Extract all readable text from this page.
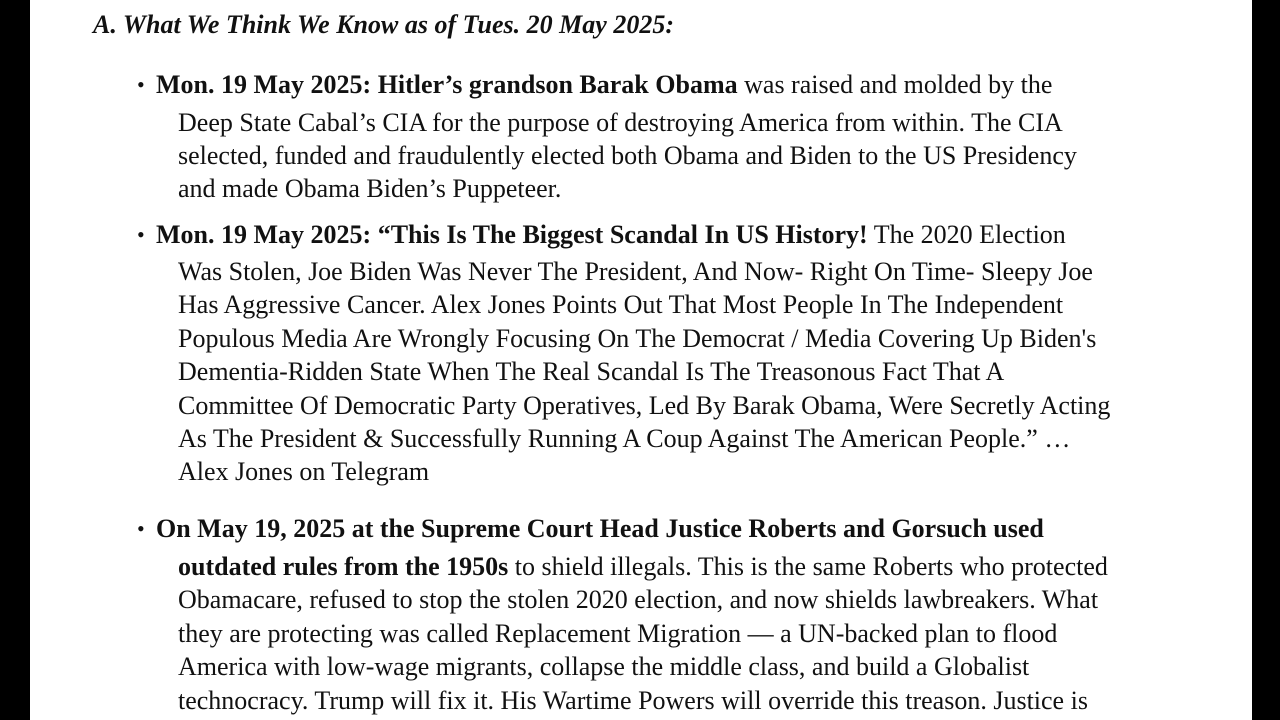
A. What We Think We Know as of Tues. 20 May 2025:
• Mon. 19 May 2025: Hitler’s grandson Barak Obama was raised and molded by the
Deep State Cabal’s CIA for the purpose of destroying America from within. The CIA
selected, funded and fraudulently elected both Obama and Biden to the US Presidency
and made Obama Biden’s Puppeteer.
• Mon. 19 May 2025: “This Is The Biggest Scandal In US History! The 2020 Election
Was Stolen, Joe Biden Was Never The President, And Now- Right On Time- Sleepy Joe
Has Aggressive Cancer. Alex Jones Points Out That Most People In The Independent
Populous Media Are Wrongly Focusing On The Democrat / Media Covering Up Biden's
Dementia-Ridden State When The Real Scandal Is The Treasonous Fact That A
Committee Of Democratic Party Operatives, Led By Barak Obama, Were Secretly Acting
As The President & Successfully Running A Coup Against The American People.” …
Alex Jones on Telegram
• On May 19, 2025 at the Supreme Court Head Justice Roberts and Gorsuch used
outdated rules from the 1950s to shield illegals. This is the same Roberts who protected
Obamacare, refused to stop the stolen 2020 election, and now shields lawbreakers. What
they are protecting was called Replacement Migration — a UN-backed plan to flood
America with low-wage migrants, collapse the middle class, and build a Globalist
technocracy. Trump will fix it. His Wartime Powers will override this treason. Justice is
